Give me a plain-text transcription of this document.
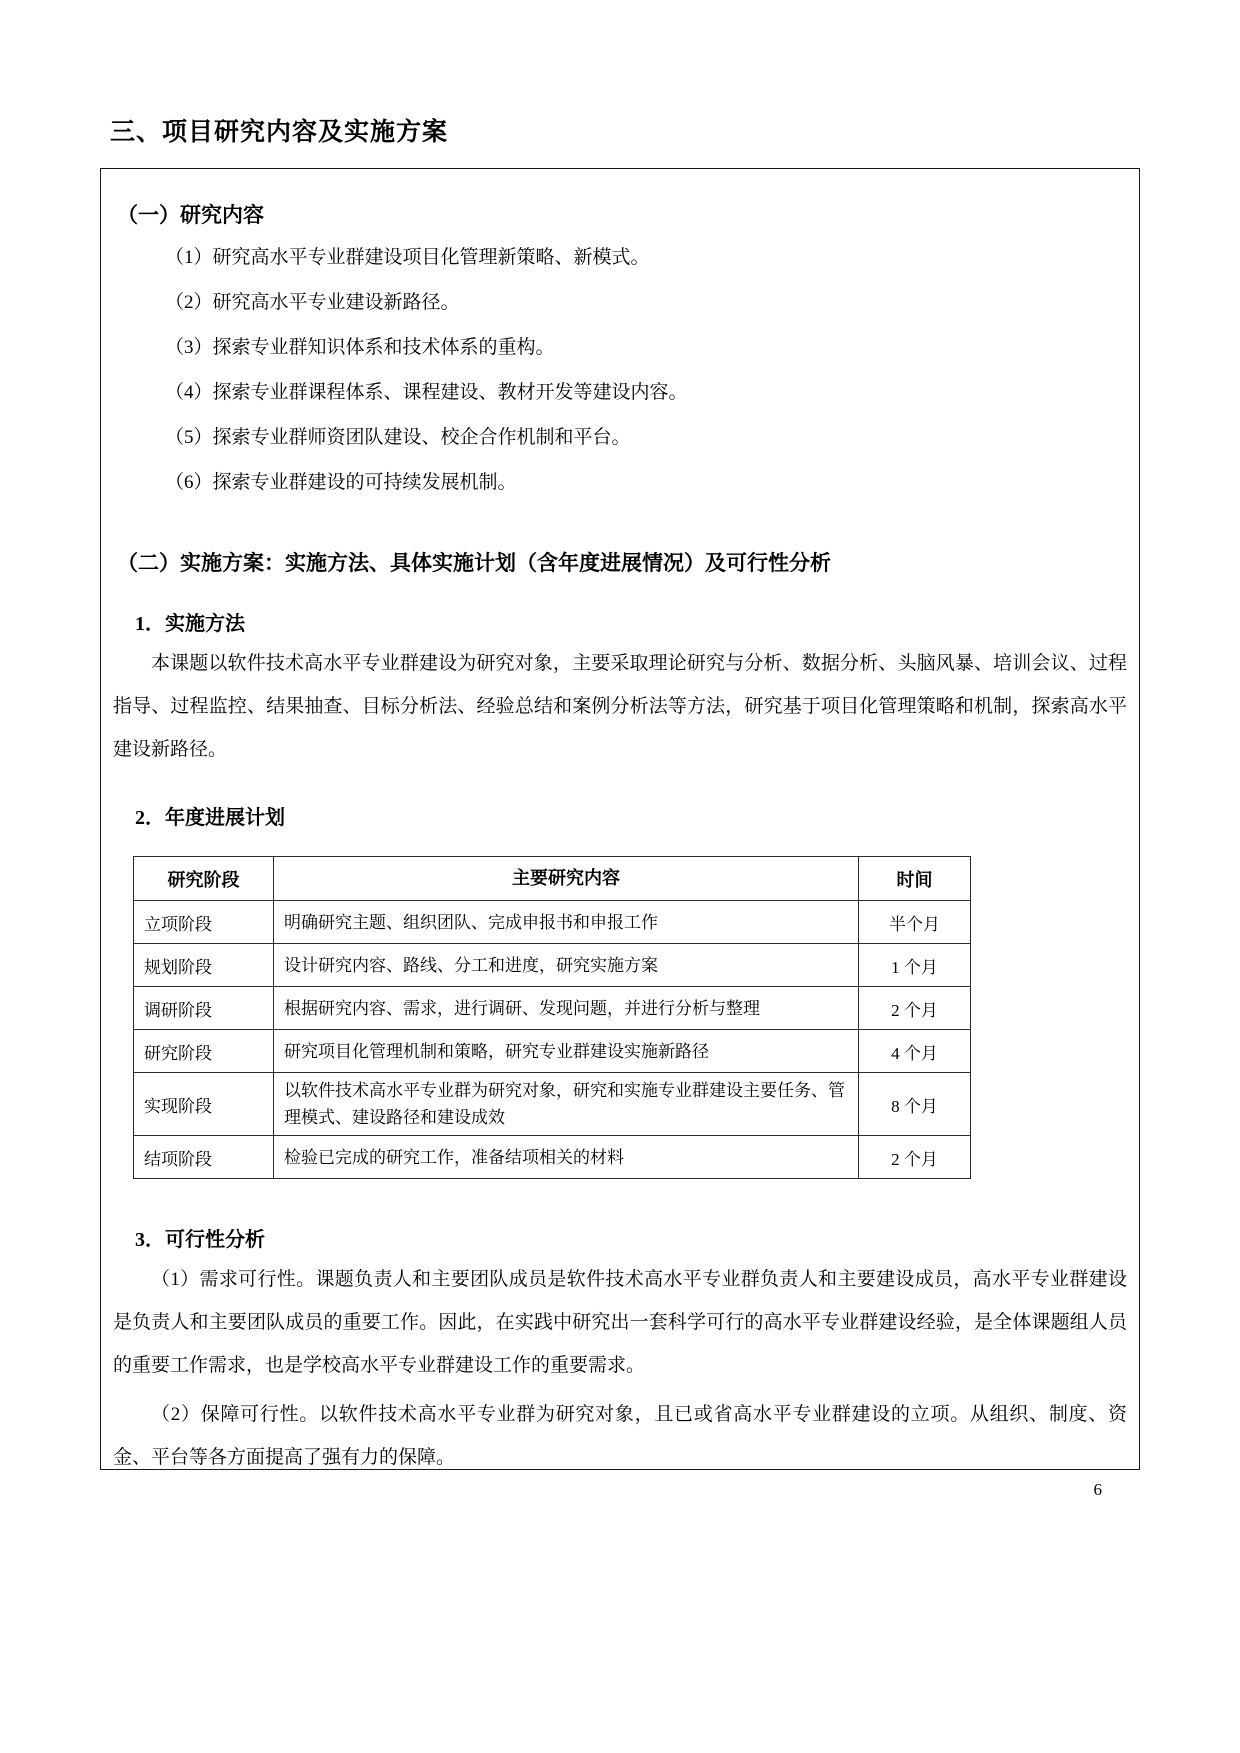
三、项目研究内容及实施方案
（一）研究内容

（1）研究高水平专业群建设项目化管理新策略、新模式。

（2）研究高水平专业建设新路径。

（3）探索专业群知识体系和技术体系的重构。

（4）探索专业群课程体系、课程建设、教材开发等建设内容。

（5）探索专业群师资团队建设、校企合作机制和平台。

（6）探索专业群建设的可持续发展机制。

（二）实施方案：实施方法、具体实施计划（含年度进展情况）及可行性分析
1．实施方法

本课题以软件技术高水平专业群建设为研究对象，主要采取理论研究与分析、数据分析、头脑风暴、培训会议、过程指导、过程监控、结果抽查、目标分析法、经验总结和案例分析法等方法，研究基于项目化管理策略和机制，探索高水平建设新路径。

2．年度进展计划
研究阶段	主要研究内容	时间
立项阶段	明确研究主题、组织团队、完成申报书和申报工作	半个月
规划阶段	设计研究内容、路线、分工和进度，研究实施方案	1 个月
调研阶段	根据研究内容、需求，进行调研、发现问题，并进行分析与整理	2 个月
研究阶段	研究项目化管理机制和策略，研究专业群建设实施新路径	4 个月
实现阶段	以软件技术高水平专业群为研究对象，研究和实施专业群建设主要任务、管理模式、建设路径和建设成效	8 个月
结项阶段	检验已完成的研究工作，准备结项相关的材料	2 个月
3．可行性分析

（1）需求可行性。课题负责人和主要团队成员是软件技术高水平专业群负责人和主要建设成员，高水平专业群建设是负责人和主要团队成员的重要工作。因此，在实践中研究出一套科学可行的高水平专业群建设经验，是全体课题组人员的重要工作需求，也是学校高水平专业群建设工作的重要需求。

（2）保障可行性。以软件技术高水平专业群为研究对象，且已或省高水平专业群建设的立项。从组织、制度、资金、平台等各方面提高了强有力的保障。

6
